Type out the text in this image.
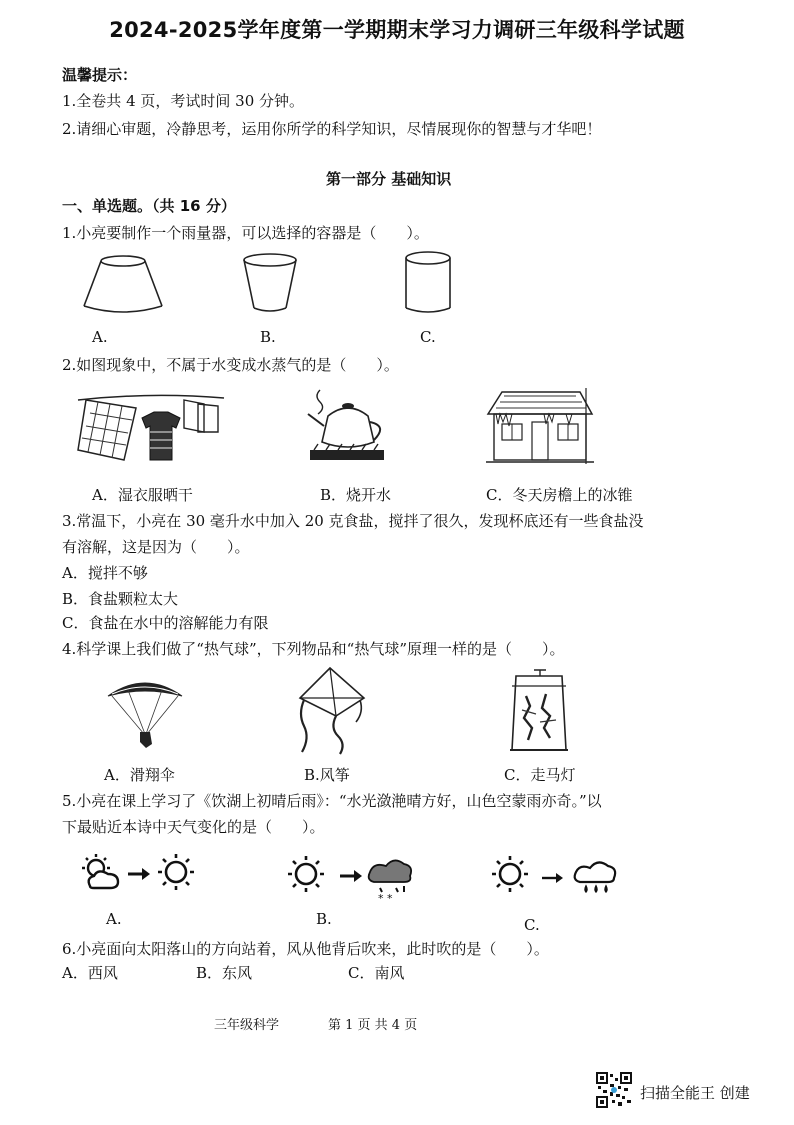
2024-2025学年度第一学期期末学习力调研三年级科学试题
温馨提示：
1.全卷共 4 页，考试时间 30 分钟。
2.请细心审题，冷静思考，运用你所学的科学知识，尽情展现你的智慧与才华吧！
第一部分 基础知识
一、单选题。（共 16 分）
1.小亮要制作一个雨量器，可以选择的容器是（　　）。
A.	B.	C.
2.如图现象中，不属于水变成水蒸气的是（　　）。
A．湿衣服晒干	B．烧开水	C．冬天房檐上的冰锥
3.常温下，小亮在 30 毫升水中加入 20 克食盐，搅拌了很久，发现杯底还有一些食盐没
有溶解，这是因为（　　）。
A．搅拌不够
B．食盐颗粒太大
C．食盐在水中的溶解能力有限
4.科学课上我们做了“热气球”，下列物品和“热气球”原理一样的是（　　）。
A．滑翔伞	B.风筝	C．走马灯
5.小亮在课上学习了《饮湖上初晴后雨》：“水光潋滟晴方好，山色空蒙雨亦奇。”以
下最贴近本诗中天气变化的是（　　）。
* *
A.	B.	C.
6.小亮面向太阳落山的方向站着，风从他背后吹来，此时吹的是（　　）。
A．西风	B．东风	C．南风
三年级科学	第 1 页 共 4 页
扫描全能王 创建
